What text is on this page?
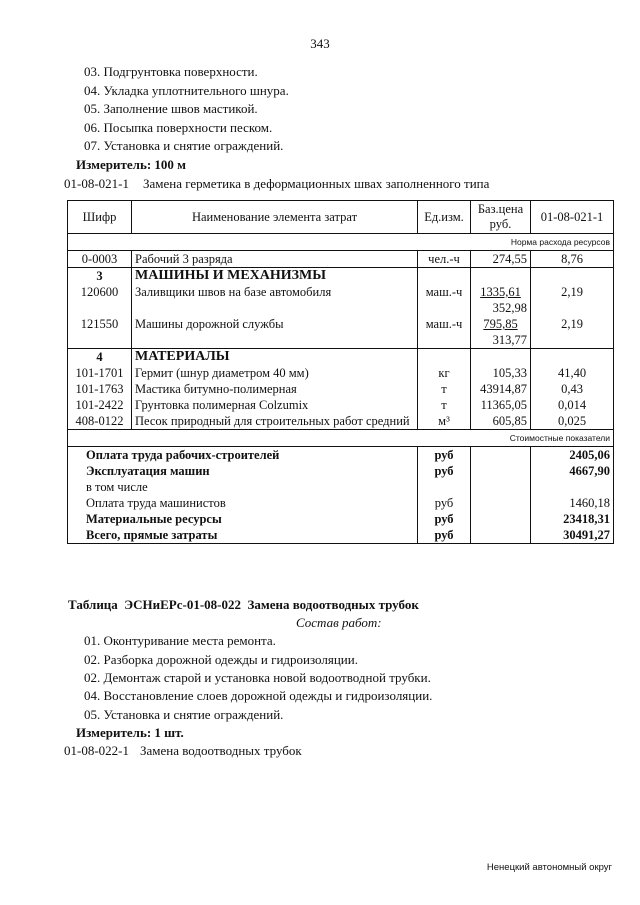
343
03. Подгрунтовка поверхности.
04. Укладка уплотнительного шнура.
05. Заполнение швов мастикой.
06. Посыпка поверхности песком.
07. Установка и снятие ограждений.
Измеритель: 100 м
01-08-021-1 Замена герметика в деформационных швах заполненного типа
Шифр	Наименование элемента затрат	Ед.изм.	Баз.цена руб.	01-08-021-1
Норма расхода ресурсов				
0-0003	Рабочий 3 разряда	чел.-ч	274,55	8,76
3	МАШИНЫ И МЕХАНИЗМЫ			
120600	Заливщики швов на базе автомобиля	маш.-ч	1335,61	2,19
			352,98	
121550	Машины дорожной службы	маш.-ч	795,85	2,19
			313,77	
4	МАТЕРИАЛЫ			
101-1701	Гермит (шнур диаметром 40 мм)	кг	105,33	41,40
101-1763	Мастика битумно-полимерная	т	43914,87	0,43
101-2422	Грунтовка полимерная Colzumix	т	11365,05	0,014
408-0122	Песок природный для строительных работ средний	м³	605,85	0,025
Стоимостные показатели				
Оплата труда рабочих-строителей		руб		2405,06
Эксплуатация машин		руб		4667,90
в том числе				
Оплата труда машинистов		руб		1460,18
Материальные ресурсы		руб		23418,31
Всего, прямые затраты		руб		30491,27
Таблица  ЭСНиЕРс-01-08-022  Замена водоотводных трубок
Состав работ:
01. Оконтуривание места ремонта.
02. Разборка дорожной одежды и гидроизоляции.
02. Демонтаж старой и установка новой водоотводной трубки.
04. Восстановление слоев дорожной одежды и гидроизоляции.
05. Установка и снятие ограждений.
Измеритель: 1 шт.
01-08-022-1 Замена водоотводных трубок
Ненецкий автономный округ
